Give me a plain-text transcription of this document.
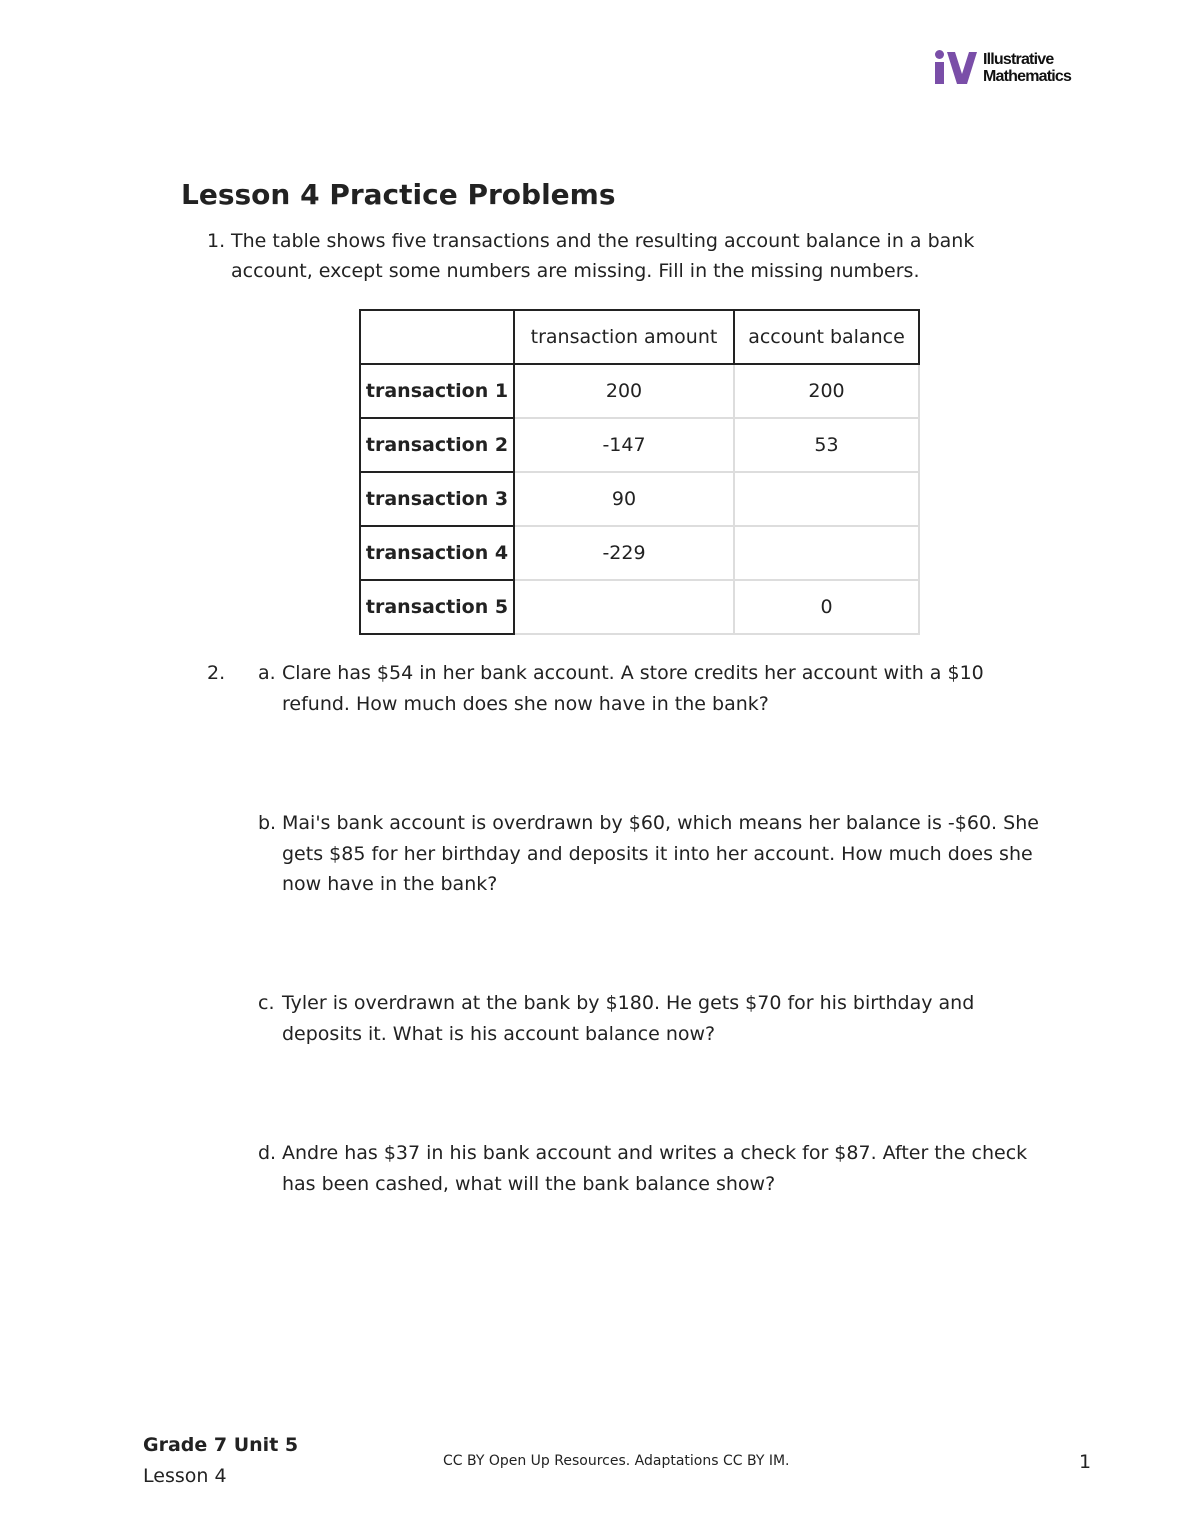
Illustrative
Mathematics
Lesson 4 Practice Problems
1. The table shows five transactions and the resulting account balance in a bank
account, except some numbers are missing. Fill in the missing numbers.
	transaction amount	account balance
transaction 1	200	200
transaction 2	-147	53
transaction 3	90	
transaction 4	-229	
transaction 5		0
2. a. Clare has $54 in her bank account. A store credits her account with a $10
refund. How much does she now have in the bank?
b. Mai's bank account is overdrawn by $60, which means her balance is -$60. She
gets $85 for her birthday and deposits it into her account. How much does she
now have in the bank?
c. Tyler is overdrawn at the bank by $180. He gets $70 for his birthday and
deposits it. What is his account balance now?
d. Andre has $37 in his bank account and writes a check for $87. After the check
has been cashed, what will the bank balance show?
Grade 7 Unit 5
Lesson 4
CC BY Open Up Resources. Adaptations CC BY IM.	1
